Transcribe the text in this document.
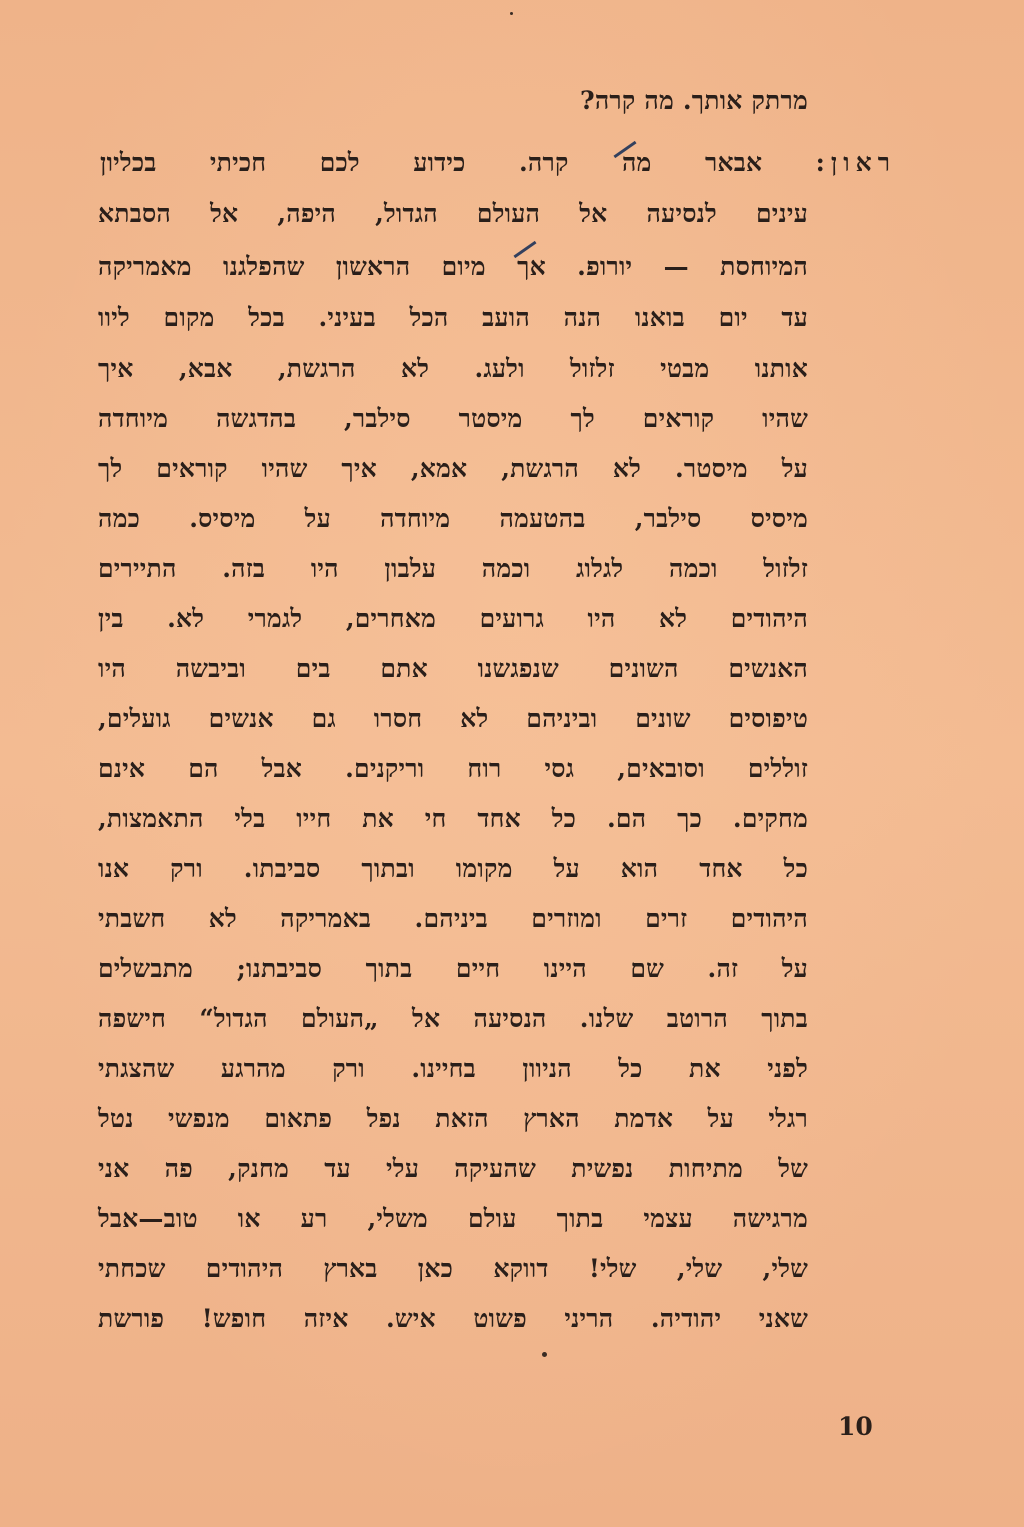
מרתק אותך. מה קרה?
ראון: אבאר מה קרה. כידוע לכם חכיתי בכליון
עינים לנסיעה אל העולם הגדול, היפה, אל הסבתא
המיוחסת — יורופ. אך מיום הראשון שהפלגנו מאמריקה
עד יום בואנו הנה הועב הכל בעיני. בכל מקום ליוו
אותנו מבטי זלזול ולעג. לא הרגשת, אבא, איך
שהיו קוראים לך מיסטר סילבר, בהדגשה מיוחדה
על מיסטר. לא הרגשת, אמא, איך שהיו קוראים לך
מיסיס סילבר, בהטעמה מיוחדה על מיסיס. כמה
זלזול וכמה לגלוג וכמה עלבון היו בזה. התיירים
היהודים לא היו גרועים מאחרים, לגמרי לא. בין
האנשים השונים שנפגשנו אתם בים וביבשה היו
טיפוסים שונים וביניהם לא חסרו גם אנשים גועלים,
זוללים וסובאים, גסי רוח וריקנים. אבל הם אינם
מחקים. כך הם. כל אחד חי את חייו בלי התאמצות,
כל אחד הוא על מקומו ובתוך סביבתו. ורק אנו
היהודים זרים ומוזרים ביניהם. באמריקה לא חשבתי
על זה. שם היינו חיים בתוך סביבתנו; מתבשלים
בתוך הרוטב שלנו. הנסיעה אל „העולם הגדול“ חישפה
לפני את כל הניוון בחיינו. ורק מהרגע שהצגתי
רגלי על אדמת הארץ הזאת נפל פתאום מנפשי נטל
של מתיחות נפשית שהעיקה עלי עד מחנק, פה אני
מרגישה עצמי בתוך עולם משלי, רע או טוב—אבל
שלי, שלי, שלי! דווקא כאן בארץ היהודים שכחתי
שאני יהודיה. הריני פשוט איש. איזה חופש! פורשת
10
